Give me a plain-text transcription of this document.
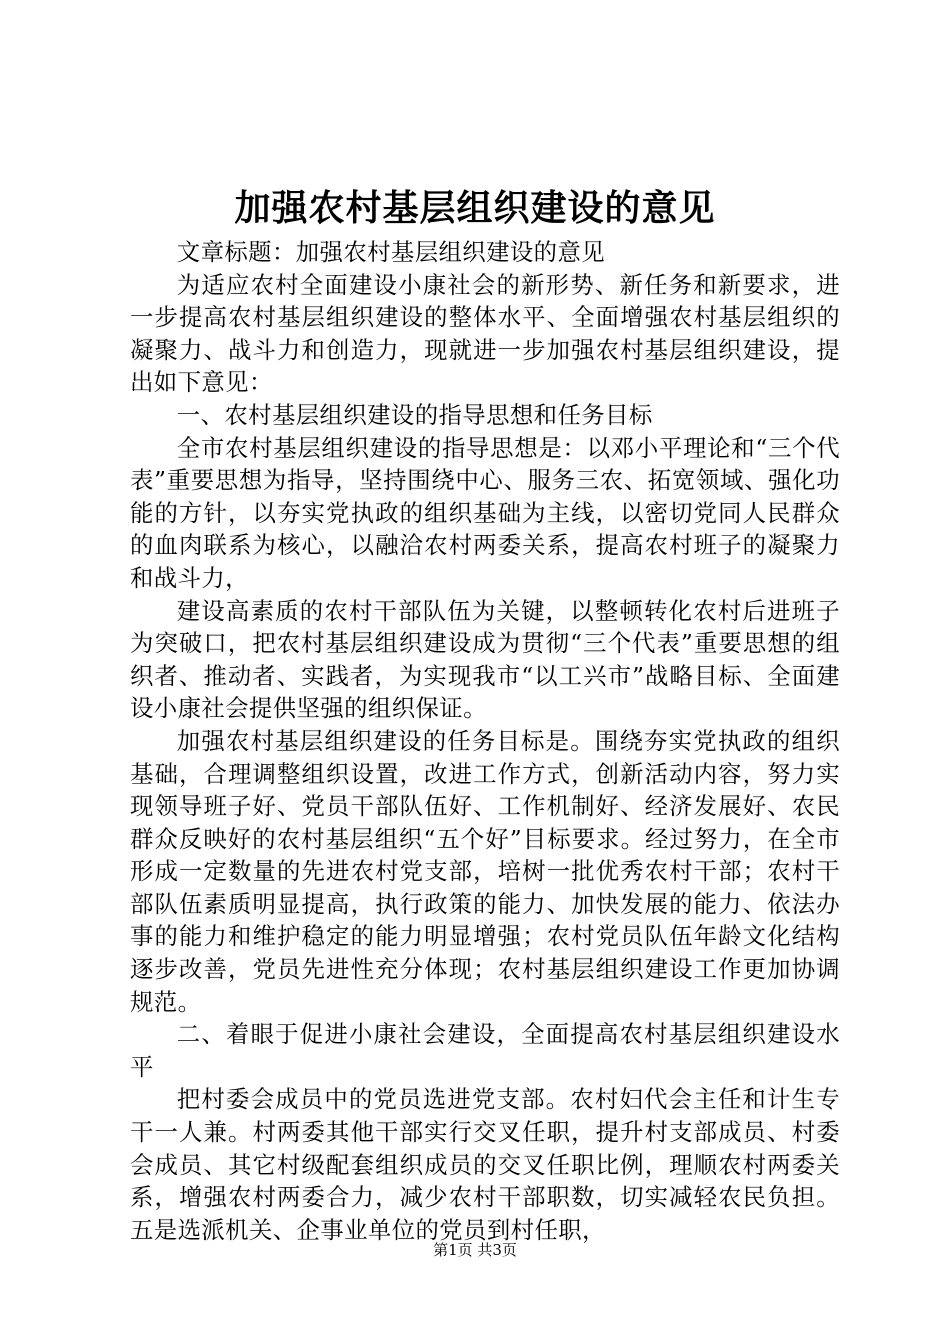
加强农村基层组织建设的意见

文章标题：加强农村基层组织建设的意见

为适应农村全面建设小康社会的新形势、新任务和新要求，进一步提高农村基层组织建设的整体水平、全面增强农村基层组织的凝聚力、战斗力和创造力，现就进一步加强农村基层组织建设，提出如下意见：

一、农村基层组织建设的指导思想和任务目标

全市农村基层组织建设的指导思想是：以邓小平理论和“三个代表”重要思想为指导，坚持围绕中心、服务三农、拓宽领域、强化功能的方针，以夯实党执政的组织基础为主线，以密切党同人民群众的血肉联系为核心，以融洽农村两委关系，提高农村班子的凝聚力和战斗力，

建设高素质的农村干部队伍为关键，以整顿转化农村后进班子为突破口，把农村基层组织建设成为贯彻“三个代表”重要思想的组织者、推动者、实践者，为实现我市“以工兴市”战略目标、全面建设小康社会提供坚强的组织保证。

加强农村基层组织建设的任务目标是。围绕夯实党执政的组织基础，合理调整组织设置，改进工作方式，创新活动内容，努力实现领导班子好、党员干部队伍好、工作机制好、经济发展好、农民群众反映好的农村基层组织“五个好”目标要求。经过努力，在全市形成一定数量的先进农村党支部，培树一批优秀农村干部；农村干部队伍素质明显提高，执行政策的能力、加快发展的能力、依法办事的能力和维护稳定的能力明显增强；农村党员队伍年龄文化结构逐步改善，党员先进性充分体现；农村基层组织建设工作更加协调规范。

二、着眼于促进小康社会建设，全面提高农村基层组织建设水平

把村委会成员中的党员选进党支部。农村妇代会主任和计生专干一人兼。村两委其他干部实行交叉任职，提升村支部成员、村委会成员、其它村级配套组织成员的交叉任职比例，理顺农村两委关系，增强农村两委合力，减少农村干部职数，切实减轻农民负担。五是选派机关、企事业单位的党员到村任职，

第1页 共3页
